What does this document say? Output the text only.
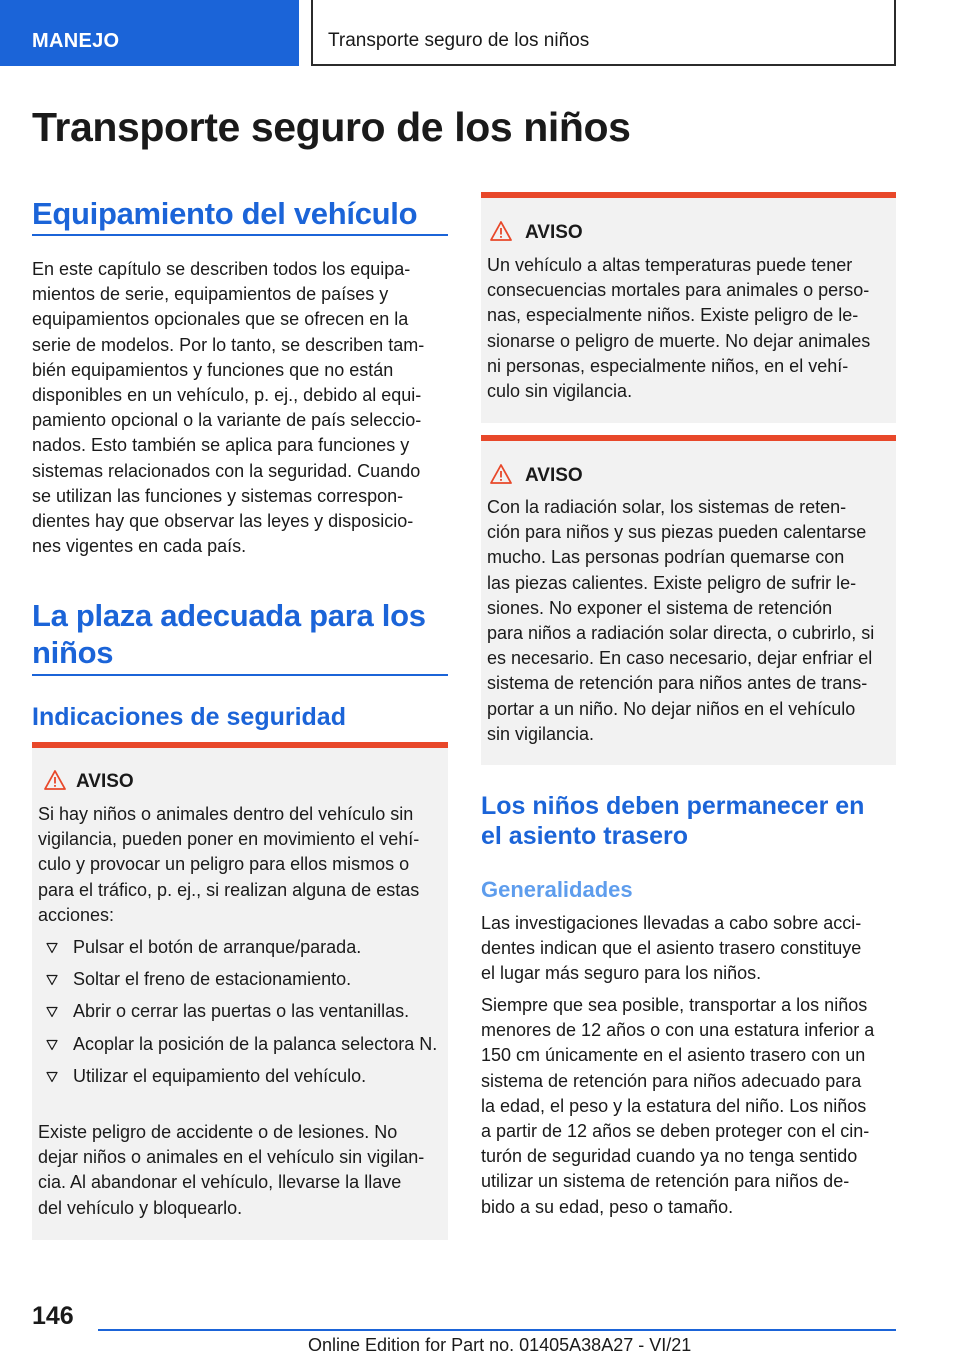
MANEJO	Transporte seguro de los niños
Transporte seguro de los niños
Equipamiento del vehículo
En este capítulo se describen todos los equipa‐
mientos de serie, equipamientos de países y
equipamientos opcionales que se ofrecen en la
serie de modelos. Por lo tanto, se describen tam‐
bién equipamientos y funciones que no están
disponibles en un vehículo, p. ej., debido al equi‐
pamiento opcional o la variante de país seleccio‐
nados. Esto también se aplica para funciones y
sistemas relacionados con la seguridad. Cuando
se utilizan las funciones y sistemas correspon‐
dientes hay que observar las leyes y disposicio‐
nes vigentes en cada país.
La plaza adecuada para los
niños
Indicaciones de seguridad
AVISO
Si hay niños o animales dentro del vehículo sin
vigilancia, pueden poner en movimiento el vehí‐
culo y provocar un peligro para ellos mismos o
para el tráfico, p. ej., si realizan alguna de estas
acciones:
Pulsar el botón de arranque/parada.
Soltar el freno de estacionamiento.
Abrir o cerrar las puertas o las ventanillas.
Acoplar la posición de la palanca selectora N.
Utilizar el equipamiento del vehículo.
Existe peligro de accidente o de lesiones. No
dejar niños o animales en el vehículo sin vigilan‐
cia. Al abandonar el vehículo, llevarse la llave
del vehículo y bloquearlo.
AVISO
Un vehículo a altas temperaturas puede tener
consecuencias mortales para animales o perso‐
nas, especialmente niños. Existe peligro de le‐
sionarse o peligro de muerte. No dejar animales
ni personas, especialmente niños, en el vehí‐
culo sin vigilancia.
AVISO
Con la radiación solar, los sistemas de reten‐
ción para niños y sus piezas pueden calentarse
mucho. Las personas podrían quemarse con
las piezas calientes. Existe peligro de sufrir le‐
siones. No exponer el sistema de retención
para niños a radiación solar directa, o cubrirlo, si
es necesario. En caso necesario, dejar enfriar el
sistema de retención para niños antes de trans‐
portar a un niño. No dejar niños en el vehículo
sin vigilancia.
Los niños deben permanecer en
el asiento trasero
Generalidades
Las investigaciones llevadas a cabo sobre acci‐
dentes indican que el asiento trasero constituye
el lugar más seguro para los niños.
Siempre que sea posible, transportar a los niños
menores de 12 años o con una estatura inferior a
150 cm únicamente en el asiento trasero con un
sistema de retención para niños adecuado para
la edad, el peso y la estatura del niño. Los niños
a partir de 12 años se deben proteger con el cin‐
turón de seguridad cuando ya no tenga sentido
utilizar un sistema de retención para niños de‐
bido a su edad, peso o tamaño.
146
Online Edition for Part no. 01405A38A27 - VI/21
